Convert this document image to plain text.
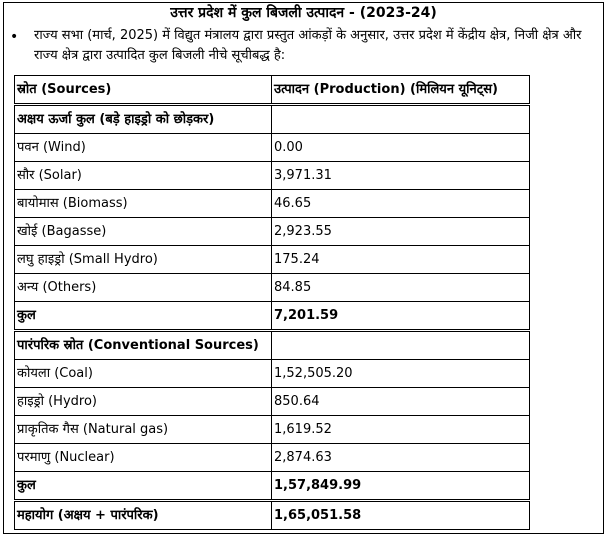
उत्तर प्रदेश में कुल बिजली उत्पादन - (2023-24)
• राज्य सभा (मार्च, 2025) में विद्युत मंत्रालय द्वारा प्रस्तुत आंकड़ों के अनुसार, उत्तर प्रदेश में केंद्रीय क्षेत्र, निजी क्षेत्र और राज्य क्षेत्र द्वारा उत्पादित कुल बिजली नीचे सूचीबद्ध है:
स्रोत (Sources)	उत्पादन (Production) (मिलियन यूनिट्स)
अक्षय ऊर्जा कुल (बड़े हाइड्रो को छोड़कर)	
पवन (Wind)	0.00
सौर (Solar)	3,971.31
बायोमास (Biomass)	46.65
खोई (Bagasse)	2,923.55
लघु हाइड्रो (Small Hydro)	175.24
अन्य (Others)	84.85
कुल	7,201.59
पारंपरिक स्रोत (Conventional Sources)	
कोयला (Coal)	1,52,505.20
हाइड्रो (Hydro)	850.64
प्राकृतिक गैस (Natural gas)	1,619.52
परमाणु (Nuclear)	2,874.63
कुल	1,57,849.99
महायोग (अक्षय + पारंपरिक)	1,65,051.58
